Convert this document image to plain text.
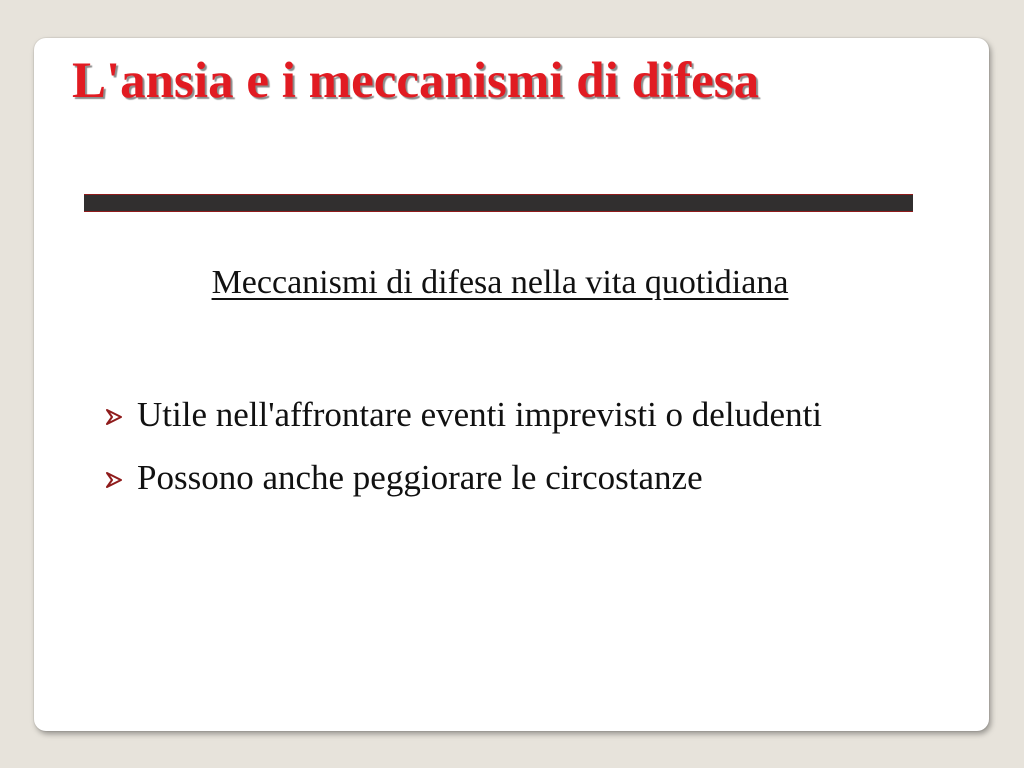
L'ansia e i meccanismi di difesa

Meccanismi di difesa nella vita quotidiana

Utile nell'affrontare eventi imprevisti o deludenti
Possono anche peggiorare le circostanze
